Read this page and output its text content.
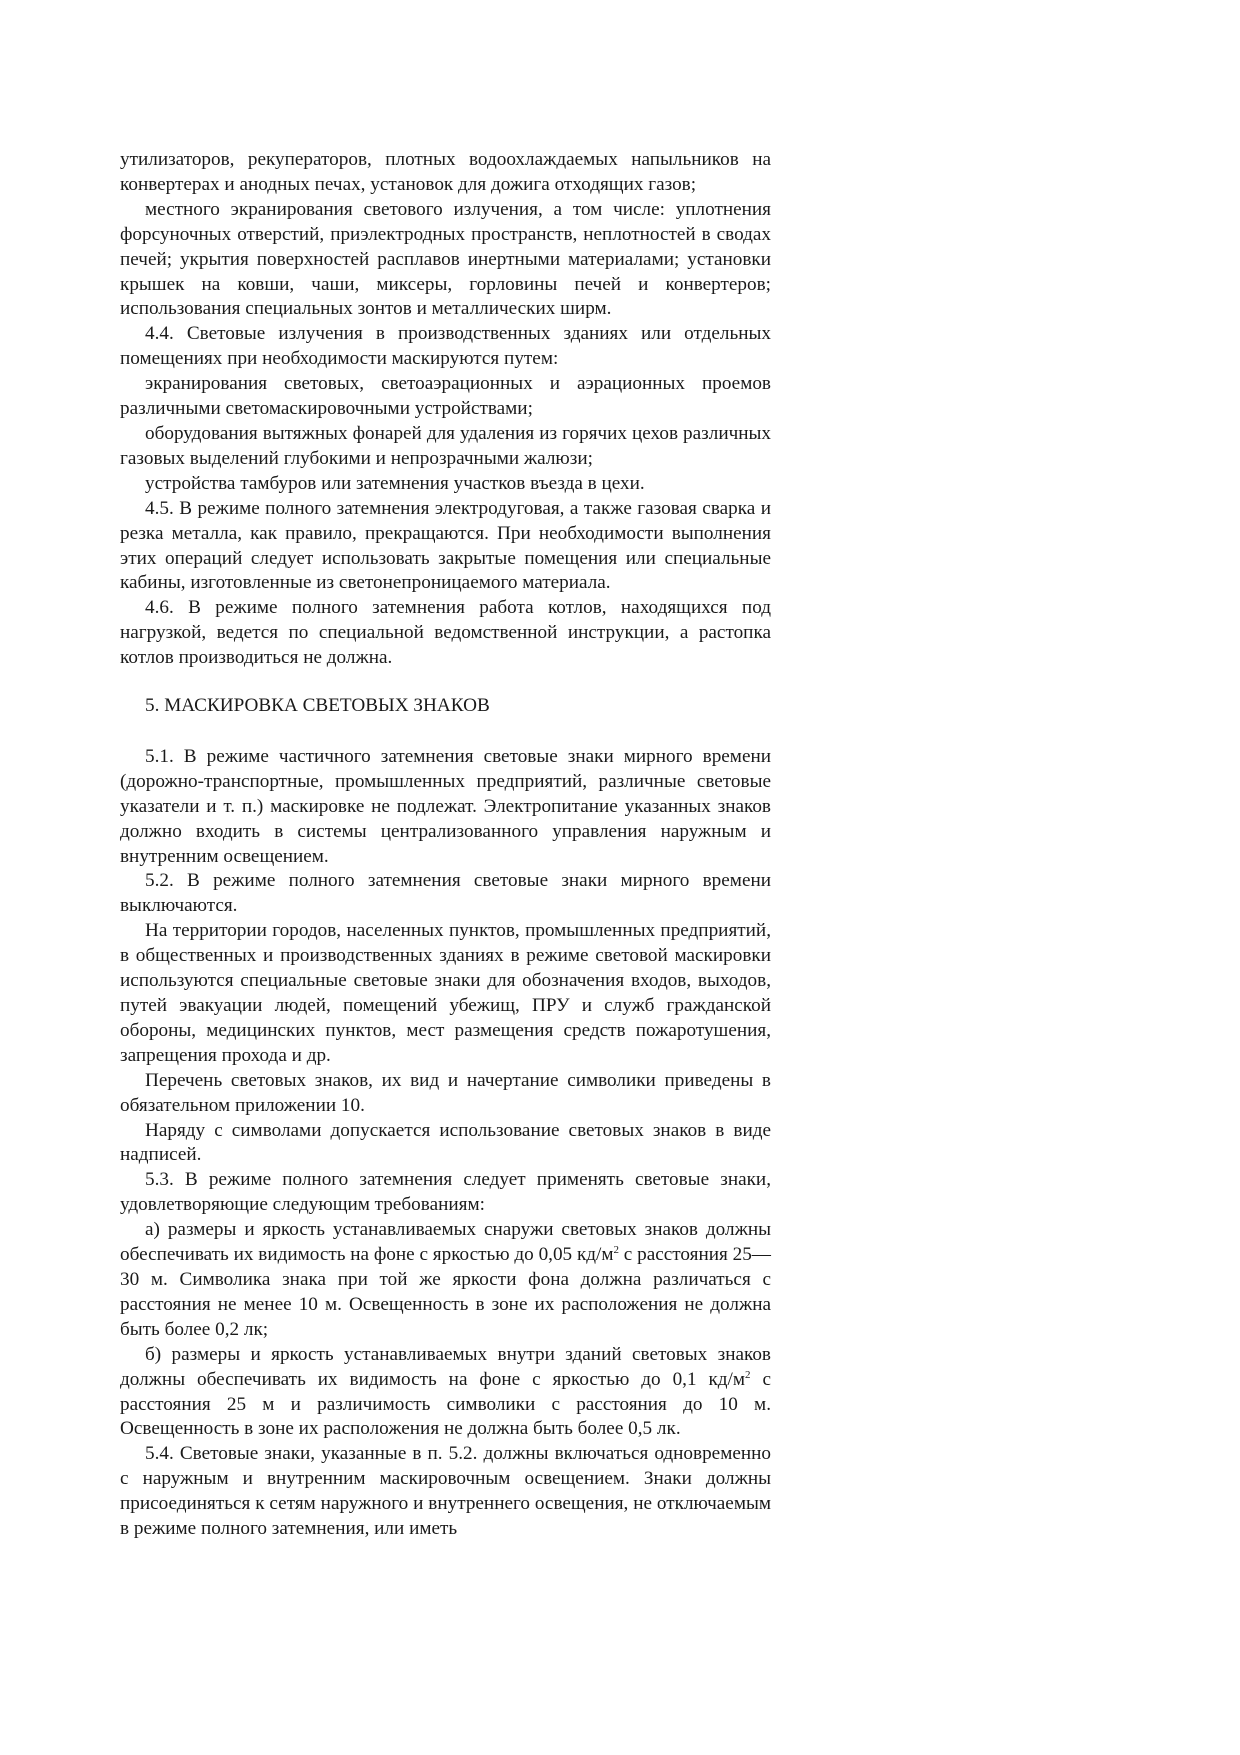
утилизаторов, рекуператоров, плотных водоохлаждаемых напыльников на конвертерах и анодных печах, установок для дожига отходящих газов;

местного экранирования светового излучения, а том числе: уплотнения форсуночных отверстий, приэлектродных пространств, неплотностей в сводах печей; укрытия поверхностей расплавов инертными материалами; установки крышек на ковши, чаши, миксеры, горловины печей и конвертеров; использования специальных зонтов и металлических ширм.

4.4. Световые излучения в производственных зданиях или отдельных помещениях при необходимости маскируются путем:

экранирования световых, светоаэрационных и аэрационных проемов различными светомаскировочными устройствами;

оборудования вытяжных фонарей для удаления из горячих цехов различных газовых выделений глубокими и непрозрачными жалюзи;

устройства тамбуров или затемнения участков въезда в цехи.

4.5. В режиме полного затемнения электродуговая, а также газовая сварка и резка металла, как правило, прекращаются. При необходимости выполнения этих операций следует использовать закрытые помещения или специальные кабины, изготовленные из светонепроницаемого материала.

4.6. В режиме полного затемнения работа котлов, находящихся под нагрузкой, ведется по специальной ведомственной инструкции, а растопка котлов производиться не должна.

5. МАСКИРОВКА СВЕТОВЫХ ЗНАКОВ

5.1. В режиме частичного затемнения световые знаки мирного времени (дорожно-транспортные, промышленных предприятий, различные световые указатели и т. п.) маскировке не подлежат. Электропитание указанных знаков должно входить в системы централизованного управления наружным и внутренним освещением.

5.2. В режиме полного затемнения световые знаки мирного времени выключаются.

На территории городов, населенных пунктов, промышленных предприятий, в общественных и производственных зданиях в режиме световой маскировки используются специальные световые знаки для обозначения входов, выходов, путей эвакуации людей, помещений убежищ, ПРУ и служб гражданской обороны, медицинских пунктов, мест размещения средств пожаротушения, запрещения прохода и др.

Перечень световых знаков, их вид и начертание символики приведены в обязательном приложении 10.

Наряду с символами допускается использование световых знаков в виде надписей.

5.3. В режиме полного затемнения следует применять световые знаки, удовлетворяющие следующим требованиям:

а) размеры и яркость устанавливаемых снаружи световых знаков должны обеспечивать их видимость на фоне с яркостью до 0,05 $кд/м^2$ с расстояния 25—30 м. Символика знака при той же яркости фона должна различаться с расстояния не менее 10 м. Освещенность в зоне их расположения не должна быть более 0,2 лк;

б) размеры и яркость устанавливаемых внутри зданий световых знаков должны обеспечивать их видимость на фоне с яркостью до 0,1 $кд/м^2$ с расстояния 25 м и различимость символики с расстояния до 10 м. Освещенность в зоне их расположения не должна быть более 0,5 лк.

5.4. Световые знаки, указанные в п. 5.2. должны включаться одновременно с наружным и внутренним маскировочным освещением. Знаки должны присоединяться к сетям наружного и внутреннего освещения, не отключаемым в режиме полного затемнения, или иметь
